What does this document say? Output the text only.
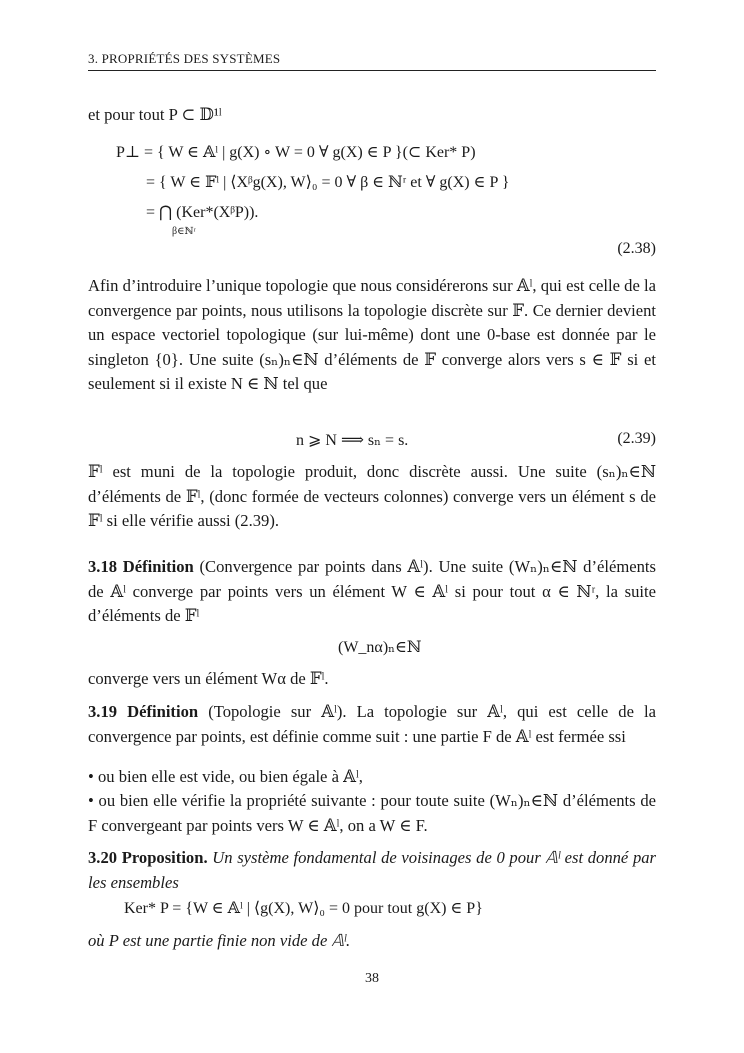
3. PROPRIÉTÉS DES SYSTÈMES
et pour tout P ⊂ 𝔻¹ˡ
P⊥ = { W ∈ 𝔸ˡ | g(X) ∘ W = 0 ∀ g(X) ∈ P }(⊂ Ker* P)
= { W ∈ 𝔽ˡ | ⟨Xᵝg(X), W⟩₀ = 0 ∀ β ∈ ℕʳ et ∀ g(X) ∈ P }
= ⋂ (Ker*(XᵝP)).
β∈ℕʳ
(2.38)
Afin d’introduire l’unique topologie que nous considérerons sur 𝔸ˡ, qui est celle de la convergence par points, nous utilisons la topologie discrète sur 𝔽. Ce dernier devient un espace vectoriel topologique (sur lui-même) dont une 0-base est donnée par le singleton {0}. Une suite (sₙ)ₙ∈ℕ d’éléments de 𝔽 converge alors vers s ∈ 𝔽 si et seulement si il existe N ∈ ℕ tel que
n ⩾ N ⟹ sₙ = s.	(2.39)
𝔽ˡ est muni de la topologie produit, donc discrète aussi. Une suite (sₙ)ₙ∈ℕ d’éléments de 𝔽ˡ, (donc formée de vecteurs colonnes) converge vers un élément s de 𝔽ˡ si elle vérifie aussi (2.39).
3.18 Définition (Convergence par points dans 𝔸ˡ). Une suite (Wₙ)ₙ∈ℕ d’éléments de 𝔸ˡ converge par points vers un élément W ∈ 𝔸ˡ si pour tout α ∈ ℕʳ, la suite d’éléments de 𝔽ˡ
(W_nα)ₙ∈ℕ
converge vers un élément Wα de 𝔽ˡ.
3.19 Définition (Topologie sur 𝔸ˡ). La topologie sur 𝔸ˡ, qui est celle de la convergence par points, est définie comme suit : une partie F de 𝔸ˡ est fermée ssi
• ou bien elle est vide, ou bien égale à 𝔸ˡ,
• ou bien elle vérifie la propriété suivante : pour toute suite (Wₙ)ₙ∈ℕ d’éléments de F convergeant par points vers W ∈ 𝔸ˡ, on a W ∈ F.
3.20 Proposition. Un système fondamental de voisinages de 0 pour 𝔸ˡ est donné par les ensembles
Ker* P = {W ∈ 𝔸ˡ | ⟨g(X), W⟩₀ = 0 pour tout g(X) ∈ P}
où P est une partie finie non vide de 𝔸ˡ.
38
